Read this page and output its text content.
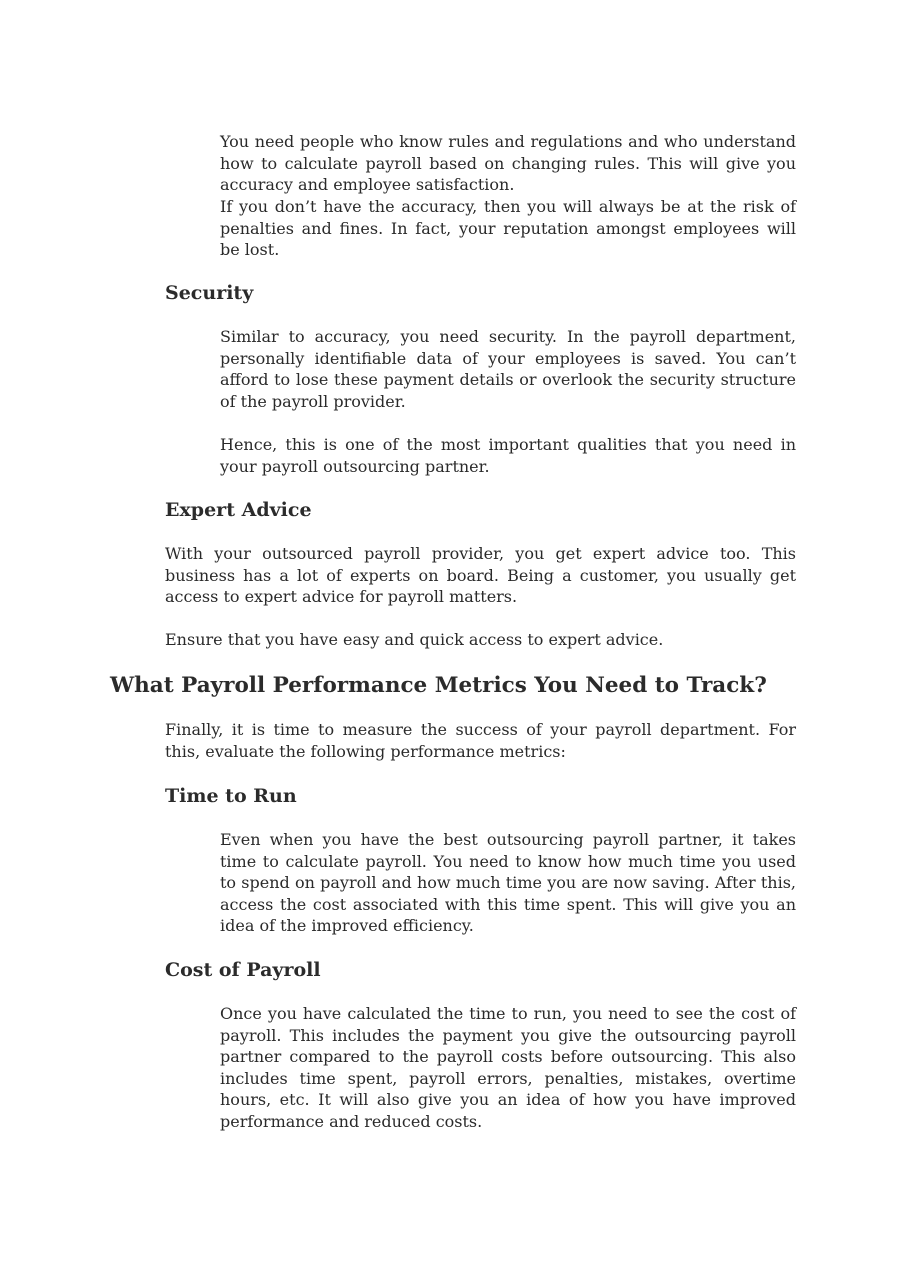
You need people who know rules and regulations and who understand how to calculate payroll based on changing rules. This will give you accuracy and employee satisfaction.

If you don’t have the accuracy, then you will always be at the risk of penalties and fines. In fact, your reputation amongst employees will be lost.

Security

Similar to accuracy, you need security. In the payroll department, personally identifiable data of your employees is saved. You can’t afford to lose these payment details or overlook the security structure of the payroll provider.

Hence, this is one of the most important qualities that you need in your payroll outsourcing partner.

Expert Advice

With your outsourced payroll provider, you get expert advice too. This business has a lot of experts on board. Being a customer, you usually get access to expert advice for payroll matters.

Ensure that you have easy and quick access to expert advice.

What Payroll Performance Metrics You Need to Track?

Finally, it is time to measure the success of your payroll department. For this, evaluate the following performance metrics:

Time to Run

Even when you have the best outsourcing payroll partner, it takes time to calculate payroll. You need to know how much time you used to spend on payroll and how much time you are now saving. After this, access the cost associated with this time spent. This will give you an idea of the improved efficiency.

Cost of Payroll

Once you have calculated the time to run, you need to see the cost of payroll. This includes the payment you give the outsourcing payroll partner compared to the payroll costs before outsourcing. This also includes time spent, payroll errors, penalties, mistakes, overtime hours, etc. It will also give you an idea of how you have improved performance and reduced costs.
